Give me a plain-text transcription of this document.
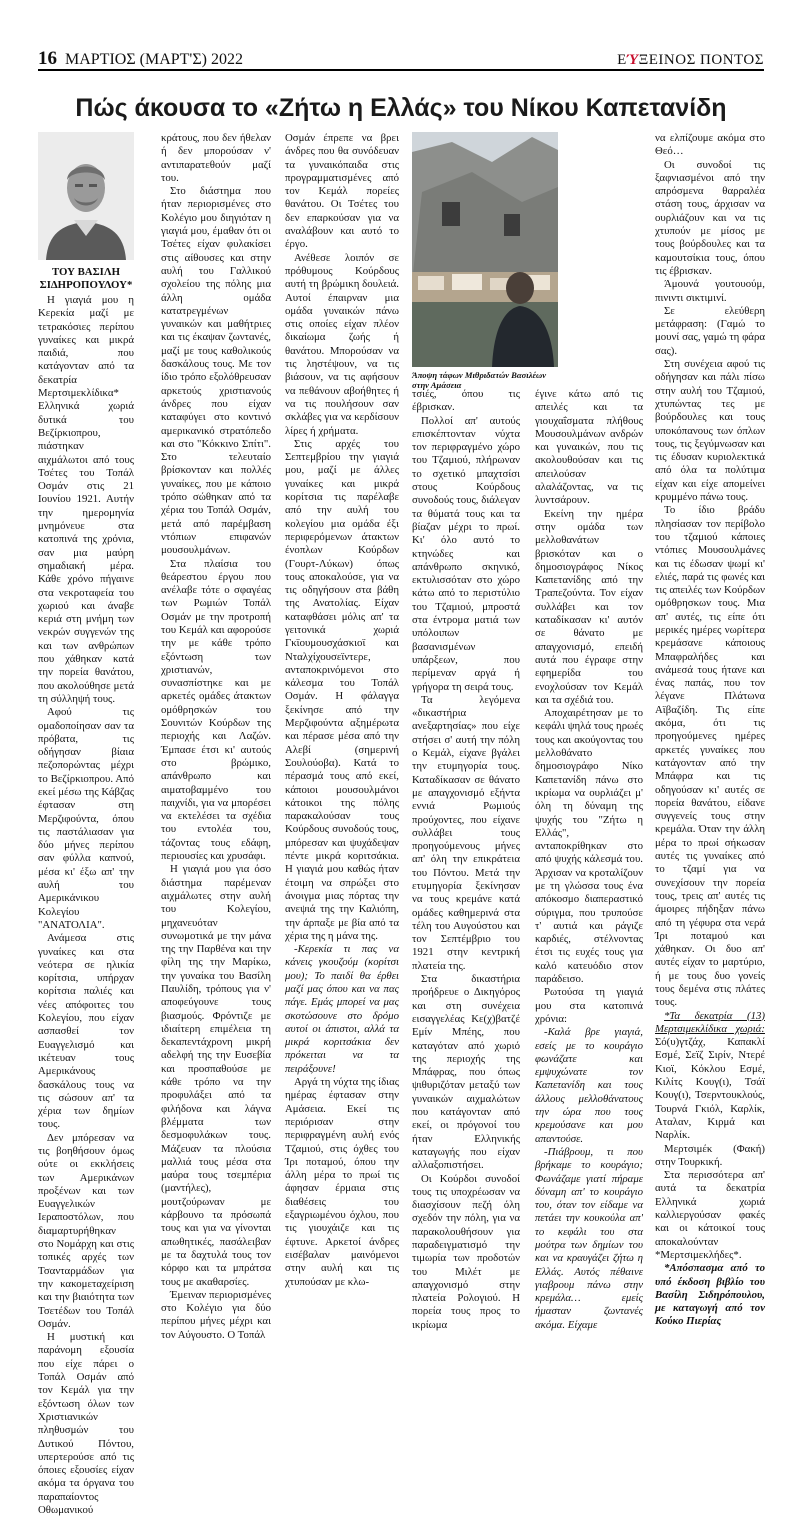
16 ΜΑΡΤΙΟΣ (ΜΑΡΤ'Σ) 2022	ΕΎΞΕΙΝΟΣ ΠΟΝΤΟΣ
Πώς άκουσα το «Ζήτω η Ελλάς» του Νίκου Καπετανίδη

ΤΟΥ ΒΑΣΙΛΗ ΣΙΔΗΡΟΠΟΥΛΟΥ*

Η γιαγιά μου η Κερεκία μαζί με τετρακόσιες περίπου γυναίκες και μικρά παιδιά, που κατάγονταν από τα δεκατρία Μερτσιμεκλίδικα* Ελληνικά χωριά δυτικά του Βεζίρκιοπρου, πιάστηκαν αιχμάλωτοι από τους Τσέτες του Τοπάλ Οσμάν στις 21 Ιουνίου 1921. Αυτήν την ημερομηνία μνημόνευε στα κατοπινά της χρόνια, σαν μια μαύρη σημαδιακή μέρα. Κάθε χρόνο πήγαινε στα νεκροταφεία του χωριού και άναβε κεριά στη μνήμη των νεκρών συγγενών της και των ανθρώπων που χάθηκαν κατά την πορεία θανάτου, που ακολούθησε μετά τη σύλληψή τους.

Αφού τις ομαδοποίησαν σαν τα πρόβατα, τις οδήγησαν βίαια πεζοπορώντας μέχρι το Βεζίρκιοπρου. Από εκεί μέσω της Κάβζας έφτασαν στη Μερζιφούντα, όπου τις παστάλιασαν για δύο μήνες περίπου σαν φύλλα καπνού, μέσα κι' έξω απ' την αυλή του Αμερικάνικου Κολεγίου "ΑΝΑΤΟΛΙΑ".

Ανάμεσα στις γυναίκες και στα νεότερα σε ηλικία κορίτσια, υπήρχαν κορίτσια παλιές και νέες απόφοιτες του Κολεγίου, που είχαν ασπασθεί τον Ευαγγελισμό και ικέτευαν τους Αμερικάνους δασκάλους τους να τις σώσουν απ' τα χέρια των δημίων τους.

Δεν μπόρεσαν να τις βοηθήσουν όμως ούτε οι εκκλήσεις των Αμερικάνων προξένων και των Ευαγγελικών Ιεραποστόλων, που διαμαρτυρήθηκαν στο Νομάρχη και στις τοπικές αρχές των Τσανταρμάδων για την κακομεταχείριση και την βιαιότητα των Τσετέδων του Τοπάλ Οσμάν.

Η μυστική και παράνομη εξουσία που είχε πάρει ο Τοπάλ Οσμάν από τον Κεμάλ για την εξόντωση όλων των Χριστιανικών πληθυσμών του Δυτικού Πόντου, υπερτερούσε από τις όποιες εξουσίες είχαν ακόμα τα όργανα του παραπαίοντος Οθωμανικού

κράτους, που δεν ήθελαν ή δεν μπορούσαν ν' αντιπαρατεθούν μαζί του.

Στο διάστημα που ήταν περιορισμένες στο Κολέγιο μου διηγιόταν η γιαγιά μου, έμαθαν ότι οι Τσέτες είχαν φυλακίσει στις αίθουσες και στην αυλή του Γαλλικού σχολείου της πόλης μια άλλη ομάδα κατατρεγμένων γυναικών και μαθήτριες και τις έκαψαν ζωντανές, μαζί με τους καθολικούς δασκάλους τους. Με τον ίδιο τρόπο εξολόθρευσαν αρκετούς χριστιανούς άνδρες που είχαν καταφύγει στο κοντινό αμερικανικό στρατόπεδο και στο "Κόκκινο Σπίτι". Στο τελευταίο βρίσκονταν και πολλές γυναίκες, που με κάποιο τρόπο σώθηκαν από τα χέρια του Τοπάλ Οσμάν, μετά από παρέμβαση ντόπιων επιφανών μουσουλμάνων.

Στα πλαίσια του θεάρεστου έργου που ανέλαβε τότε ο σφαγέας των Ρωμιών Τοπάλ Οσμάν με την προτροπή του Κεμάλ και αφορούσε την με κάθε τρόπο εξόντωση των χριστιανών, συνασπίστηκε και με αρκετές ομάδες άτακτων ομόθρησκών του Σουνιτών Κούρδων της περιοχής και Λαζών. Έμπασε έτσι κι' αυτούς στο βρώμικο, απάνθρωπο και αιματοβαμμένο του παιχνίδι, για να μπορέσει να εκτελέσει τα σχέδια του εντολέα του, τάζοντας τους εδάφη, περιουσίες και χρυσάφι.

Η γιαγιά μου για όσο διάστημα παρέμεναν αιχμάλωτες στην αυλή του Κολεγίου, μηχανευόταν συνωμοτικά με την μάνα της την Παρθένα και την φίλη της την Μαρίκω, την γυναίκα του Βασίλη Παυλίδη, τρόπους για ν' αποφεύγουνε τους βιασμούς. Φρόντιζε με ιδιαίτερη επιμέλεια τη δεκαπεντάχρονη μικρή αδελφή της την Ευσεβία και προσπαθούσε με κάθε τρόπο να την προφυλάξει από τα φιλήδονα και λάγνα βλέμματα των δεσμοφυλάκων τους. Μάζευαν τα πλούσια μαλλιά τους μέσα στα μαύρα τους τσεμπέρια (μαντήλες), μουτζούρωναν με κάρβουνο τα πρόσωπά τους και για να γίνονται απωθητικές, πασάλειβαν με τα δαχτυλά τους τον κόρφο και τα μπράτσα τους με ακαθαρσίες.

Έμειναν περιορισμένες στο Κολέγιο για δύο περίπου μήνες μέχρι και τον Αύγουστο. Ο Τοπάλ

Οσμάν έπρεπε να βρει άνδρες που θα συνόδευαν τα γυναικόπαιδα στις προγραμματισμένες από τον Κεμάλ πορείες θανάτου. Οι Τσέτες του δεν επαρκούσαν για να αναλάβουν και αυτό το έργο.

Ανέθεσε λοιπόν σε πρόθυμους Κούρδους αυτή τη βρώμικη δουλειά. Αυτοί έπαιρναν μια ομάδα γυναικών πάνω στις οποίες είχαν πλέον δικαίωμα ζωής ή θανάτου. Μπορούσαν να τις ληστέψουν, να τις βιάσουν, να τις αφήσουν να πεθάνουν αβοήθητες ή να τις πουλήσουν σαν σκλάβες για να κερδίσουν λίρες ή χρήματα.

Στις αρχές του Σεπτεμβρίου την γιαγιά μου, μαζί με άλλες γυναίκες και μικρά κορίτσια τις παρέλαβε από την αυλή του κολεγίου μια ομάδα έξι περιφερόμενων άτακτων ένοπλων Κούρδων (Γουρτ-Λύκων) όπως τους αποκαλούσε, για να τις οδηγήσουν στα βάθη της Ανατολίας. Είχαν καταφθάσει μόλις απ' τα γειτονικά χωριά Γκϊουμουσχάσκιοϊ και Νταλχίχουσεϊντερε, ανταποκρινόμενοι στο κάλεσμα του Τοπάλ Οσμάν. Η φάλαγγα ξεκίνησε από την Μερζιφούντα αξημέρωτα και πέρασε μέσα από την Αλεβί (σημερινή Σουλούοβα). Κατά το πέρασμά τους από εκεί, κάποιοι μουσουλμάνοι κάτοικοι της πόλης παρακαλούσαν τους Κούρδους συνοδούς τους, μπόρεσαν και ψυχάδεψαν πέντε μικρά κοριτσάκια. Η γιαγιά μου καθώς ήταν έτοιμη να σπρώξει στο άνοιγμα μιας πόρτας την ανεψιά της την Καλιόπη, την άρπαξε με βία από τα χέρια της η μάνα της.

-Κερεκία τι πας να κάνεις γκουζούμ (κορίτσι μου); Το παιδί θα έρθει μαζί μας όπου και να πας πάγε. Εμάς μπορεί να μας σκοτώσουνε στο δρόμο αυτοί οι άπιστοι, αλλά τα μικρά κοριτσάκια δεν πρόκειται να τα πειράξουνε!

Αργά τη νύχτα της ίδιας ημέρας έφτασαν στην Αμάσεια. Εκεί τις περιόρισαν στην περιφραγμένη αυλή ενός Τζαμιού, στις όχθες του Ίρι ποταμού, όπου την άλλη μέρα το πρωί τις άφησαν έρμαια στις διαθέσεις του εξαγριωμένου όχλου, που τις γιουχάιζε και τις έφτυνε. Αρκετοί άνδρες εισέβαλαν μαινόμενοι στην αυλή και τις χτυπούσαν με κλω-

Άποψη τάφων Μιθριδατών Βασιλέων στην Αμάσεια

τσιές, όπου τις έβρισκαν.

Πολλοί απ' αυτούς επισκέπτονταν νύχτα τον περιφραγμένο χώρο του Τζαμιού, πλήρωναν το σχετικό μπαχτσίσι στους Κούρδους συνοδούς τους, διάλεγαν τα θύματά τους και τα βίαζαν μέχρι το πρωί. Κι' όλο αυτό το κτηνώδες και απάνθρωπο σκηνικό, εκτυλισσόταν στο χώρο κάτω από το περιστύλιο του Τζαμιού, μπροστά στα έντρομα ματιά των υπόλοιπων βασανισμένων υπάρξεων, που περίμεναν αργά ή γρήγορα τη σειρά τους.

Τα λεγόμενα «δικαστήρια ανεξαρτησίας» που είχε στήσει σ' αυτή την πόλη ο Κεμάλ, είχανε βγάλει την ετυμηγορία τους. Καταδίκασαν σε θάνατο με απαγχονισμό εξήντα εννιά Ρωμιούς προύχοντες, που είχανε συλλάβει τους προηγούμενους μήνες απ' όλη την επικράτεια του Πόντου. Μετά την ετυμηγορία ξεκίνησαν να τους κρεμάνε κατά ομάδες καθημερινά στα τέλη του Αυγούστου και τον Σεπτέμβριο του 1921 στην κεντρική πλατεία της.

Στα δικαστήρια προήδρευε ο Δικηγόρος και στη συνέχεια εισαγγελέας Κε(χ)βατζέ Εμίν Μπέης, που καταγόταν από χωριό της περιοχής της Μπάφρας, που όπως ψιθυριζόταν μεταξύ των γυναικών αιχμαλώτων που κατάγονταν από εκεί, οι πρόγονοί του ήταν Ελληνικής καταγωγής που είχαν αλλαξοπιστήσει.

Οι Κούρδοι συνοδοί τους τις υποχρέωσαν να διασχίσουν πεζή όλη σχεδόν την πόλη, για να παρακολουθήσουν για παραδειγματισμό την τιμωρία των προδοτών του Μιλέτ με απαγχονισμό στην πλατεία Ρολογιού. Η πορεία τους προς το ικρίωμα

έγινε κάτω από τις απειλές και τα γιουχαΐσματα πλήθους Μουσουλμάνων ανδρών και γυναικών, που τις ακολουθούσαν και τις απειλούσαν αλαλάζοντας, να τις λυντσάρουν.

Εκείνη την ημέρα στην ομάδα των μελλοθανάτων βρισκόταν και ο δημοσιογράφος Νίκος Καπετανίδης από την Τραπεζούντα. Τον είχαν συλλάβει και τον καταδίκασαν κι' αυτόν σε θάνατο με απαγχονισμό, επειδή αυτά που έγραφε στην εφημερίδα του ενοχλούσαν τον Κεμάλ και τα σχέδιά του.

Αποχαιρέτησαν με το κεφάλι ψηλά τους ηρωές τους και ακούγοντας του μελλοθάνατο δημοσιογράφο Νίκο Καπετανίδη πάνω στο ικρίωμα να ουρλιάζει μ' όλη τη δύναμη της ψυχής του "Ζήτω η Ελλάς", ανταποκρίθηκαν στο από ψυχής κάλεσμά του. Άρχισαν να κροταλίζουν με τη γλώσσα τους ένα απόκοσμο διαπεραστικό σύριγμα, που τρυπούσε τ' αυτιά και ράγιζε καρδιές, στέλνοντας έτσι τις ευχές τους για καλό κατευόδιο στον παράδεισο.

Ρωτούσα τη γιαγιά μου στα κατοπινά χρόνια:

-Καλά βρε γιαγιά, εσείς με το κουράγιο φωνάζατε και εμψυχώνατε τον Καπετανίδη και τους άλλους μελλοθάνατους την ώρα που τους κρεμούσανε και μου απαντούσε.

-Πιάβρουμ, τι που βρήκαμε το κουράγιο; Φωνάζαμε γιατί πήραμε δύναμη απ' το κουράγιο του, όταν τον είδαμε να πετάει την κουκούλα απ' το κεφάλι του στα μούτρα των δημίων του και να κραυγάζει ζήτω η Ελλάς. Αυτός πέθαινε γιαβρουμ πάνω στην κρεμάλα… εμείς ήμασταν ζωντανές ακόμα. Είχαμε

να ελπίζουμε ακόμα στο Θεό…

Οι συνοδοί τις ξαφνιασμένοι από την απρόσμενα θαρραλέα στάση τους, άρχισαν να ουρλιάζουν και να τις χτυπούν με μίσος με τους βούρδουλες και τα καμουτσίκια τους, όπου τις έβρισκαν.

Άμουνά γουτουούμ, πινιντι σικτιμινί.

Σε ελεύθερη μετάφραση: (Γαμώ το μουνί σας, γαμώ τη φάρα σας).

Στη συνέχεια αφού τις οδήγησαν και πάλι πίσω στην αυλή του Τζαμιού, χτυπώντας τες με βούρδουλες και τους υποκόπανους των όπλων τους, τις ξεγύμνωσαν και τις έδυσαν κυριολεκτικά από όλα τα πολύτιμα είχαν και είχε απομείνει κρυμμένο πάνω τους.

Το ίδιο βράδυ πλησίασαν τον περίβολο του τζαμιού κάποιες ντόπιες Μουσουλμάνες και τις έδωσαν ψωμί κι' ελιές, παρά τις φωνές και τις απειλές των Κούρδων ομόθρησκων τους. Μια απ' αυτές, τις είπε ότι μερικές ημέρες νωρίτερα κρεμάσανε κάποιους Μπαφραλήδες και ανάμεσά τους ήτανε και ένας παπάς, που τον λέγανε Πλάτωνα Αϊβαζίδη. Τις είπε ακόμα, ότι τις προηγούμενες ημέρες αρκετές γυναίκες που κατάγονταν από την Μπάφρα και τις οδηγούσαν κι' αυτές σε πορεία θανάτου, είδανε συγγενείς τους στην κρεμάλα. Όταν την άλλη μέρα το πρωί σήκωσαν αυτές τις γυναίκες από το τζαμί για να συνεχίσουν την πορεία τους, τρεις απ' αυτές τις άμοιρες πήδηξαν πάνω από τη γέφυρα στα νερά Ίρι ποταμού και χάθηκαν. Οι δυο απ' αυτές είχαν το μαρτύριο, ή με τους δυο γονείς τους δεμένα στις πλάτες τους.

*Τα δεκατρία (13) Μερτσιμεκλίδικα χωριά: Σό(υ)γτζάχ, Καπακλί Εσμέ, Σεϊζ Σιρίν, Ντερέ Κιοϊ, Κόκλου Εσμέ, Κιλίτς Κουγ(ι), Τσάϊ Κουγ(ι), Τσερντουκλούς, Τουρνά Γκιόλ, Καρλίκ, Αταλαν, Κιρμά και Ναρλίκ.

Μερτσιμέκ (Φακή) στην Τουρκική.

Στα περισσότερα απ' αυτά τα δεκατρία Ελληνικά χωριά καλλιεργούσαν φακές και οι κάτοικοί τους αποκαλούνταν *Μερτσιμεκλήδες*.

*Απόσπασμα από το υπό έκδοση βιβλίο του Βασίλη Σιδηρόπουλου, με καταγωγή από τον Κούκο Πιερίας
